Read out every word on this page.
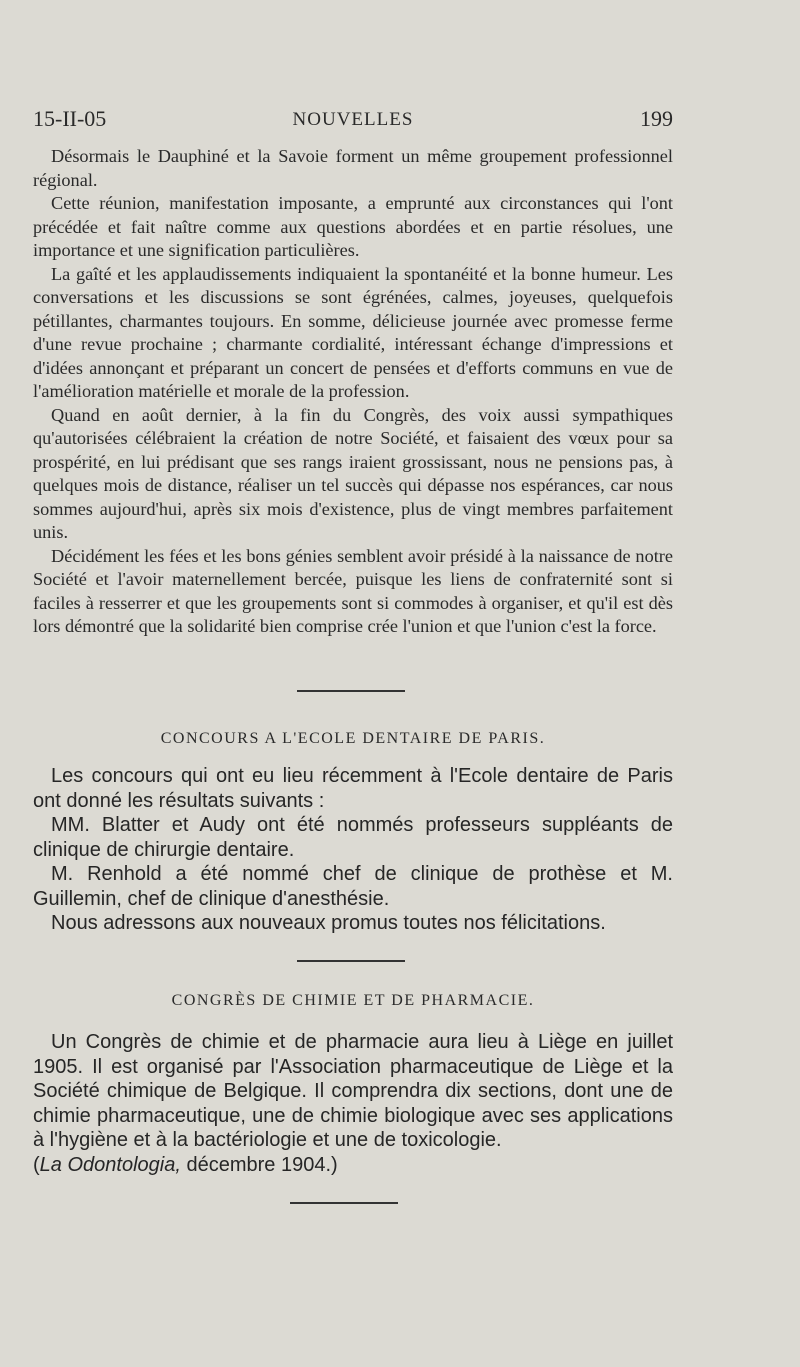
15-II-05	NOUVELLES	199

Désormais le Dauphiné et la Savoie forment un même groupement professionnel régional.

Cette réunion, manifestation imposante, a emprunté aux circonstances qui l'ont précédée et fait naître comme aux questions abordées et en partie résolues, une importance et une signification particulières.

La gaîté et les applaudissements indiquaient la spontanéité et la bonne humeur. Les conversations et les discussions se sont égrénées, calmes, joyeuses, quelquefois pétillantes, charmantes toujours. En somme, délicieuse journée avec promesse ferme d'une revue prochaine ; charmante cordialité, intéressant échange d'impressions et d'idées annonçant et préparant un concert de pensées et d'efforts communs en vue de l'amélioration matérielle et morale de la profession.

Quand en août dernier, à la fin du Congrès, des voix aussi sympathiques qu'autorisées célébraient la création de notre Société, et faisaient des vœux pour sa prospérité, en lui prédisant que ses rangs iraient grossissant, nous ne pensions pas, à quelques mois de distance, réaliser un tel succès qui dépasse nos espérances, car nous sommes aujourd'hui, après six mois d'existence, plus de vingt membres parfaitement unis.

Décidément les fées et les bons génies semblent avoir présidé à la naissance de notre Société et l'avoir maternellement bercée, puisque les liens de confraternité sont si faciles à resserrer et que les groupements sont si commodes à organiser, et qu'il est dès lors démontré que la solidarité bien comprise crée l'union et que l'union c'est la force.

CONCOURS A L'ECOLE DENTAIRE DE PARIS.

Les concours qui ont eu lieu récemment à l'Ecole dentaire de Paris ont donné les résultats suivants :

MM. Blatter et Audy ont été nommés professeurs suppléants de clinique de chirurgie dentaire.

M. Renhold a été nommé chef de clinique de prothèse et M. Guillemin, chef de clinique d'anesthésie.

Nous adressons aux nouveaux promus toutes nos félicitations.

CONGRÈS DE CHIMIE ET DE PHARMACIE.

Un Congrès de chimie et de pharmacie aura lieu à Liège en juillet 1905. Il est organisé par l'Association pharmaceutique de Liège et la Société chimique de Belgique. Il comprendra dix sections, dont une de chimie pharmaceutique, une de chimie biologique avec ses applications à l'hygiène et à la bactériologie et une de toxicologie.

(La Odontologia, décembre 1904.)
